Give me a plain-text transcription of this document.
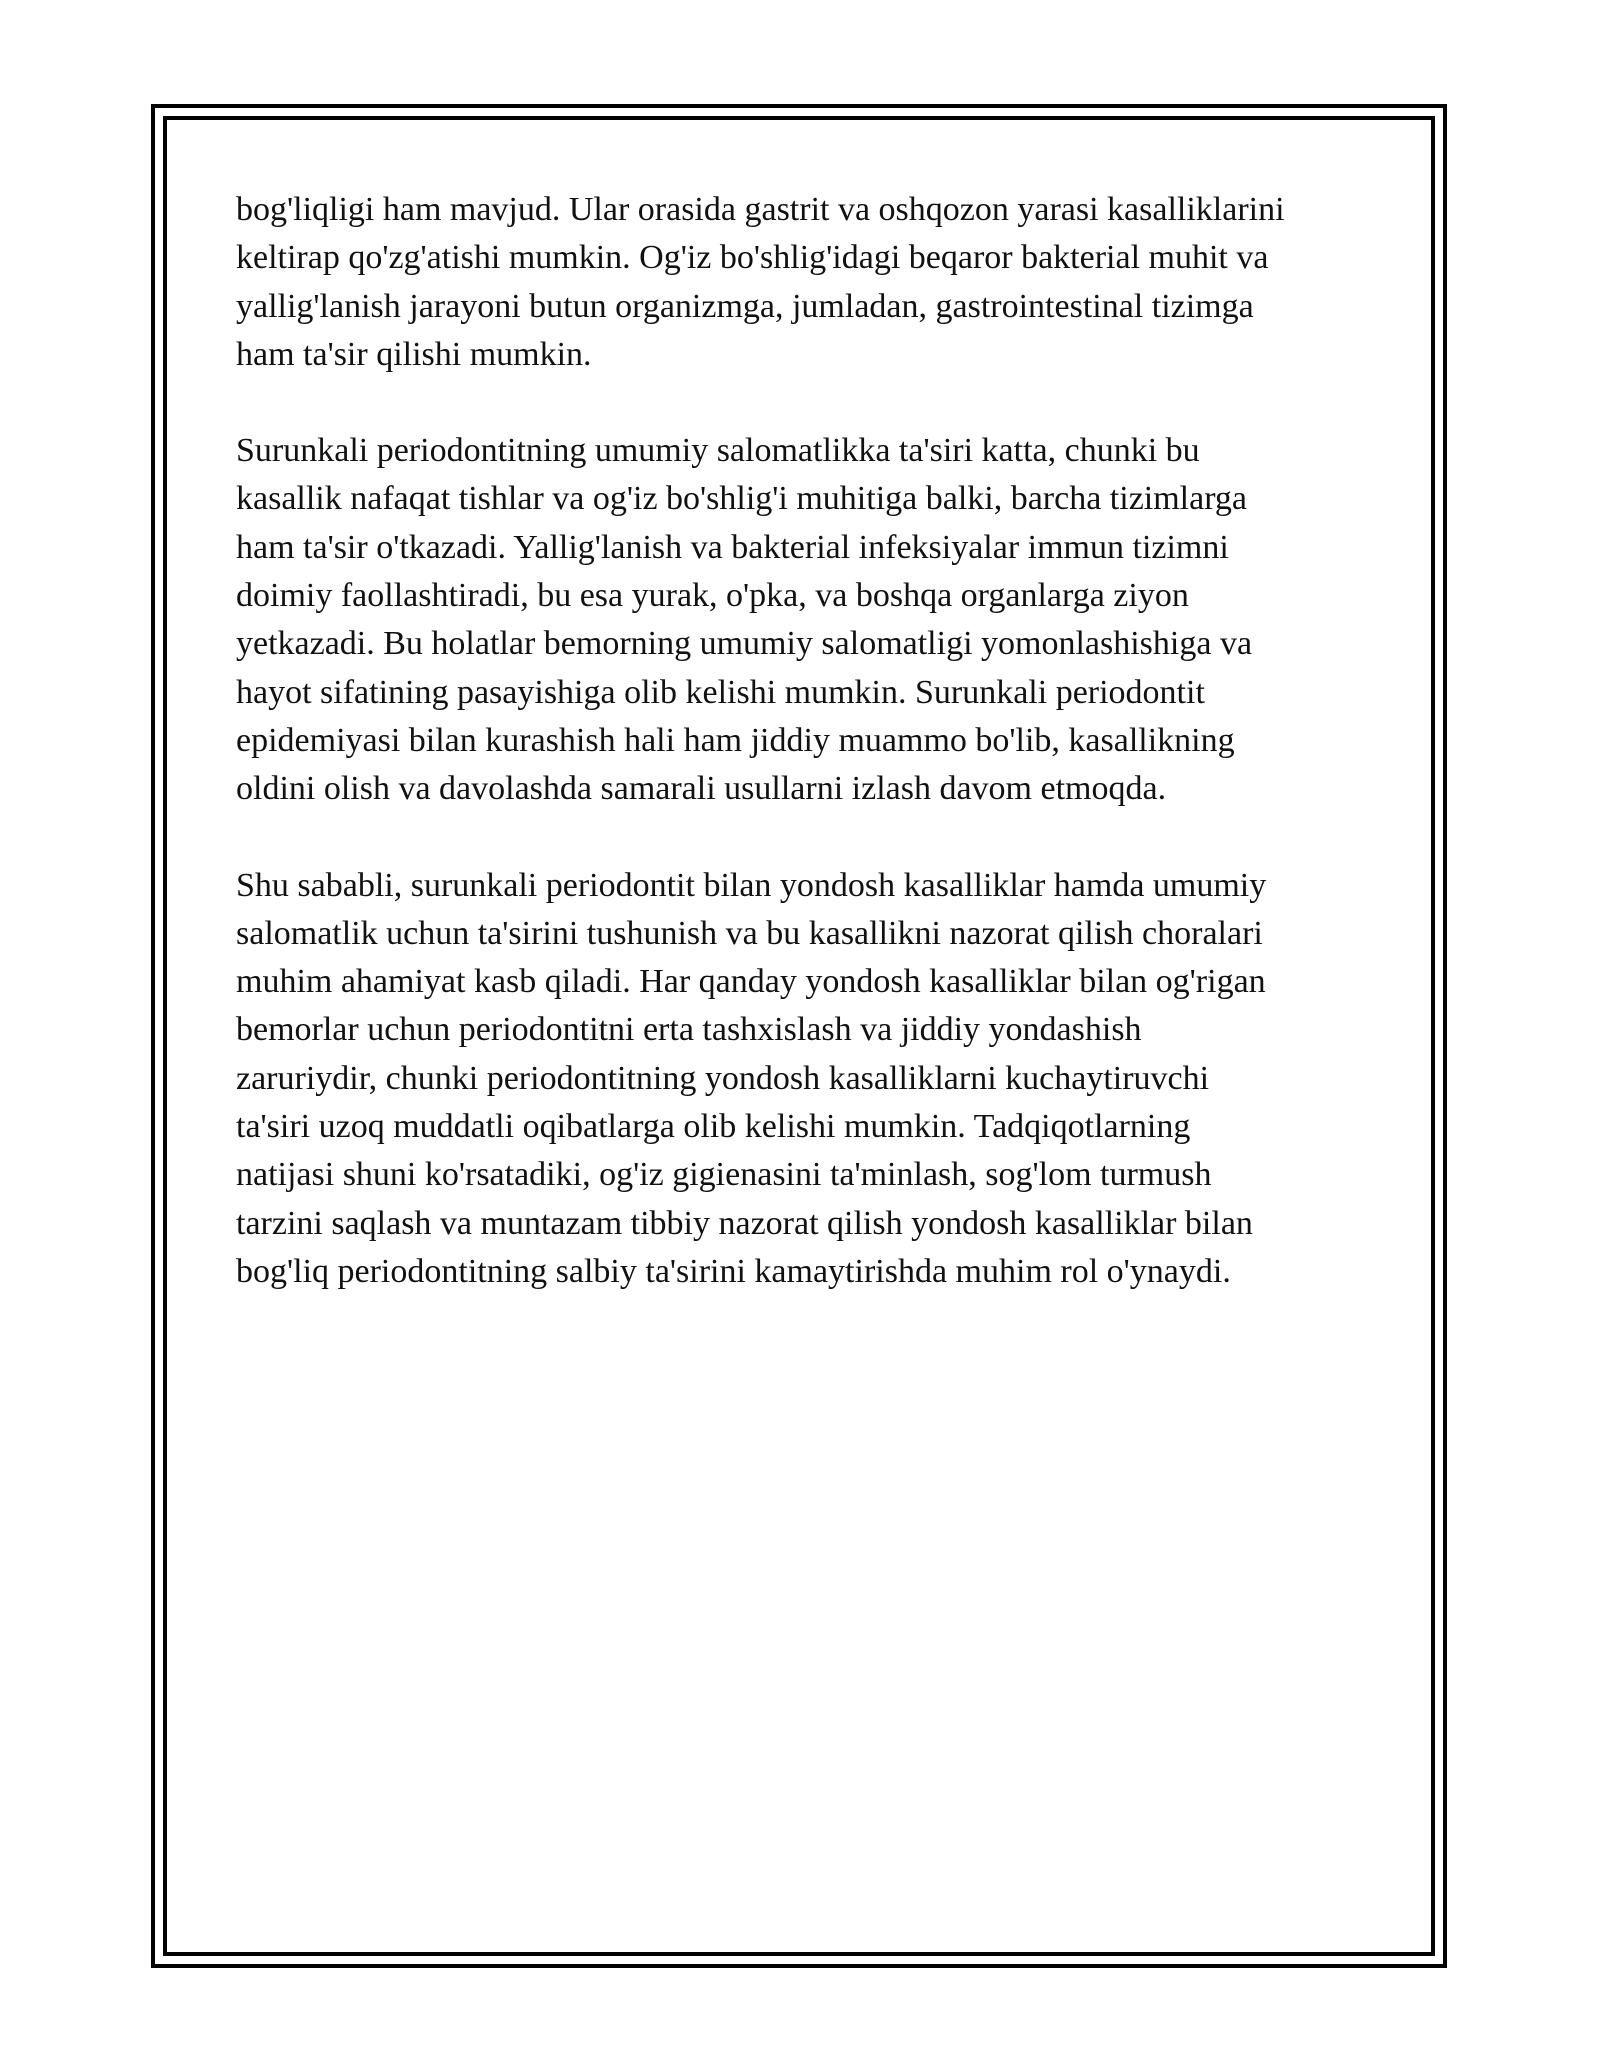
bog'liqligi ham mavjud. Ular orasida gastrit va oshqozon yarasi kasalliklarini
keltirap qo'zg'atishi mumkin. Og'iz bo'shlig'idagi beqaror bakterial muhit va
yallig'lanish jarayoni butun organizmga, jumladan, gastrointestinal tizimga
ham ta'sir qilishi mumkin.

Surunkali periodontitning umumiy salomatlikka ta'siri katta, chunki bu
kasallik nafaqat tishlar va og'iz bo'shlig'i muhitiga balki, barcha tizimlarga
ham ta'sir o'tkazadi. Yallig'lanish va bakterial infeksiyalar immun tizimni
doimiy faollashtiradi, bu esa yurak, o'pka, va boshqa organlarga ziyon
yetkazadi. Bu holatlar bemorning umumiy salomatligi yomonlashishiga va
hayot sifatining pasayishiga olib kelishi mumkin. Surunkali periodontit
epidemiyasi bilan kurashish hali ham jiddiy muammo bo'lib, kasallikning
oldini olish va davolashda samarali usullarni izlash davom etmoqda.

Shu sababli, surunkali periodontit bilan yondosh kasalliklar hamda umumiy
salomatlik uchun ta'sirini tushunish va bu kasallikni nazorat qilish choralari
muhim ahamiyat kasb qiladi. Har qanday yondosh kasalliklar bilan og'rigan
bemorlar uchun periodontitni erta tashxislash va jiddiy yondashish
zaruriydir, chunki periodontitning yondosh kasalliklarni kuchaytiruvchi
ta'siri uzoq muddatli oqibatlarga olib kelishi mumkin. Tadqiqotlarning
natijasi shuni ko'rsatadiki, og'iz gigienasini ta'minlash, sog'lom turmush
tarzini saqlash va muntazam tibbiy nazorat qilish yondosh kasalliklar bilan
bog'liq periodontitning salbiy ta'sirini kamaytirishda muhim rol o'ynaydi.
